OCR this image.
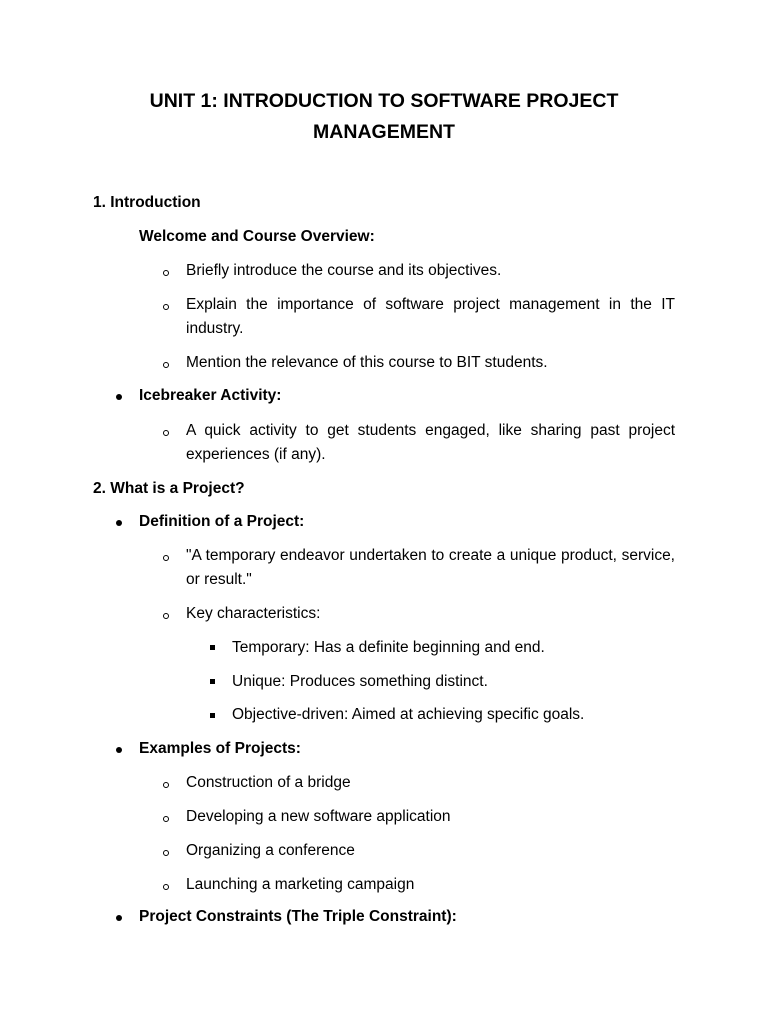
UNIT 1: INTRODUCTION TO SOFTWARE PROJECT
MANAGEMENT
1. Introduction
Welcome and Course Overview:
Briefly introduce the course and its objectives.
Explain the importance of software project management in the IT industry.
Mention the relevance of this course to BIT students.
Icebreaker Activity:
A quick activity to get students engaged, like sharing past project experiences (if any).
2. What is a Project?
Definition of a Project:
"A temporary endeavor undertaken to create a unique product, service, or result."
Key characteristics:
Temporary: Has a definite beginning and end.
Unique: Produces something distinct.
Objective-driven: Aimed at achieving specific goals.
Examples of Projects:
Construction of a bridge
Developing a new software application
Organizing a conference
Launching a marketing campaign
Project Constraints (The Triple Constraint):
